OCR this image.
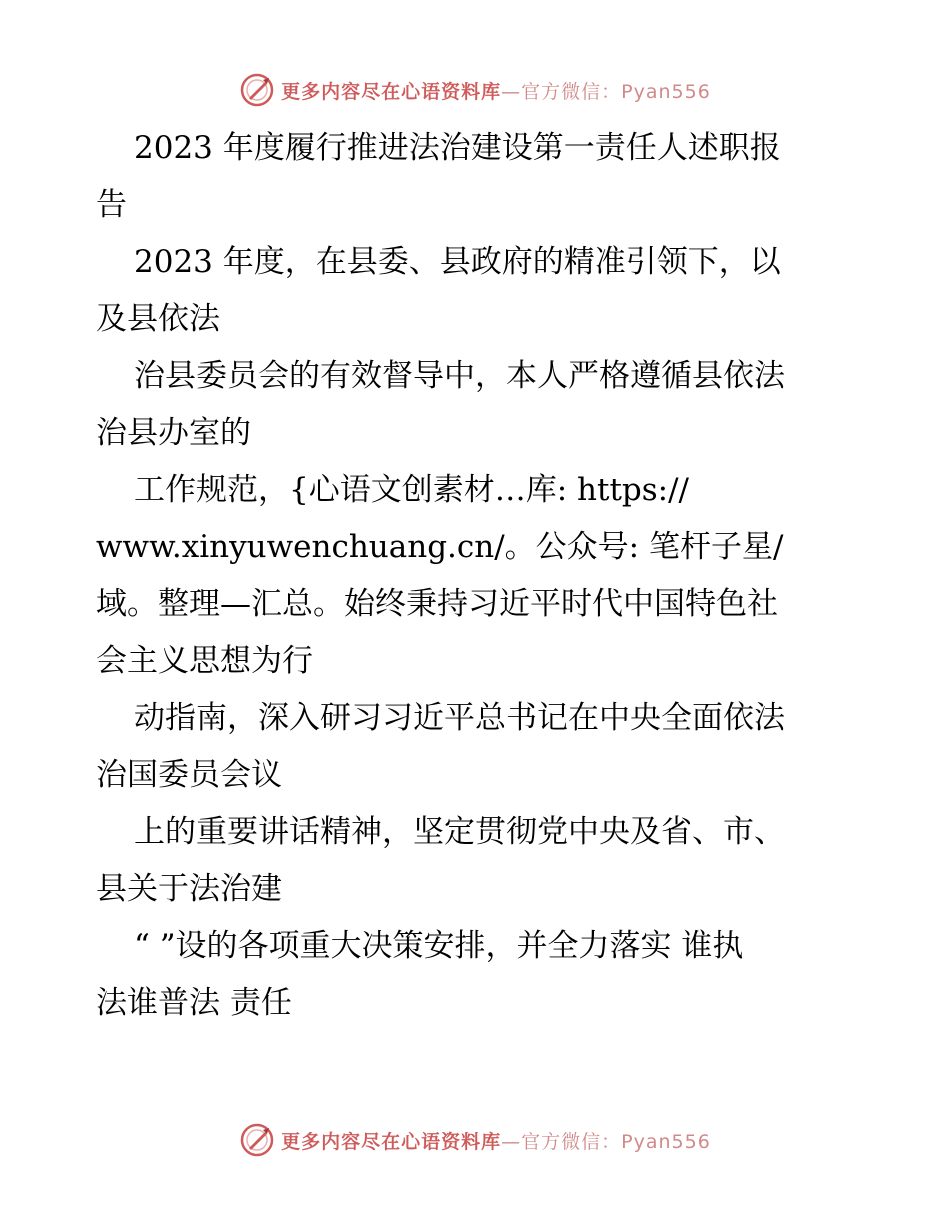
更多内容尽在心语资料库—官方微信：Pyan556
2023 年度履行推进法治建设第一责任人述职报
告
2023 年度，在县委、县政府的精准引领下，以
及县依法
治县委员会的有效督导中，本人严格遵循县依法
治县办室的
工作规范，{心语文创素材…库: https://
www.xinyuwenchuang.cn/。公众号: 笔杆子星/
域。整理—汇总。始终秉持习近平时代中国特色社
会主义思想为行
动指南，深入研习习近平总书记在中央全面依法
治国委员会议
上的重要讲话精神，坚定贯彻党中央及省、市、
县关于法治建
“ ”设的各项重大决策安排，并全力落实 谁执
法谁普法 责任
更多内容尽在心语资料库—官方微信：Pyan556
